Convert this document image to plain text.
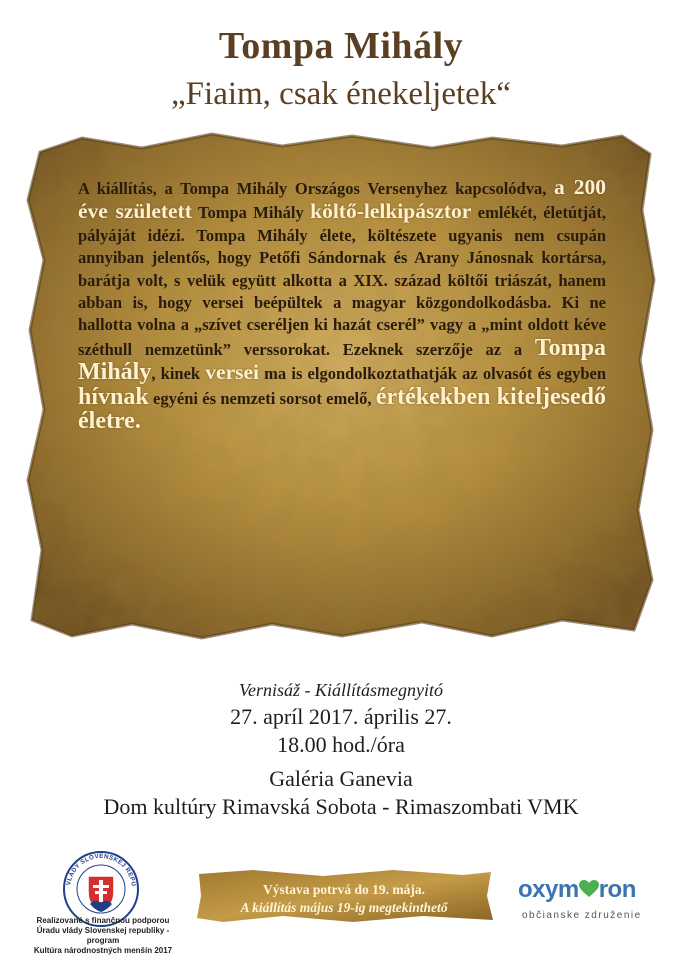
Tompa Mihály
„Fiaim, csak énekeljetek“
A kiállítás, a Tompa Mihály Országos Versenyhez kapcsolódva, a 200 éve született Tompa Mihály költő-lelkipásztor emlékét, életútját, pályáját idézi. Tompa Mihály élete, költészete ugyanis nem csupán annyiban jelentős, hogy Petőfi Sándornak és Arany Jánosnak kortársa, barátja volt, s velük együtt alkotta a XIX. század költői triászát, hanem abban is, hogy versei beépültek a magyar közgondolkodásba. Ki ne hallotta volna a „szívet cseréljen ki hazát cserél” vagy a „mint oldott kéve széthull nemzetünk” verssorokat. Ezeknek szerzője az a Tompa Mihály, kinek versei ma is elgondolkoztathatják az olvasót és egyben hívnak egyéni és nemzeti sorsot emelő, értékekben kiteljesedő életre.
Vernisáž - Kiállításmegnyitó
27. apríl 2017. április 27.
18.00 hod./óra
Galéria Ganevia
Dom kultúry Rimavská Sobota - Rimaszombati VMK
VLÁDY SLOVENSKEJ REPU
Realizované s finančnou podporou
Úradu vlády Slovenskej republiky - program
Kultúra národnostných menšín 2017
Výstava potrvá do 19. mája.
A kiállítás május 19-ig megtekinthető
oxym ron
občianske združenie
